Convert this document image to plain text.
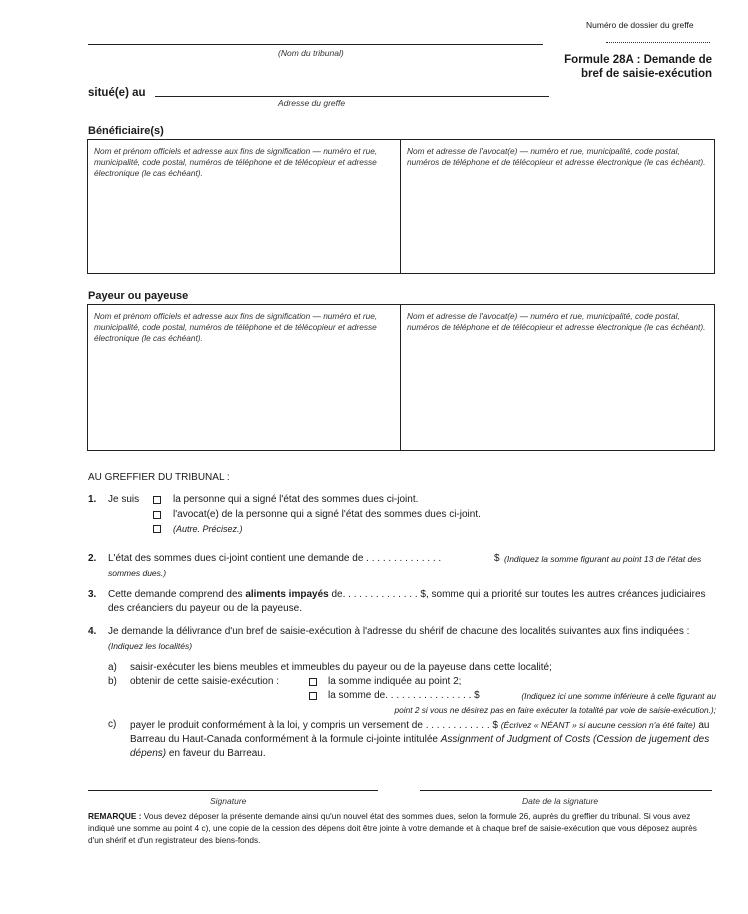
Numéro de dossier du greffe
(Nom du tribunal)
Formule 28A : Demande de
bref de saisie-exécution
situé(e) au
Adresse du greffe
Bénéficiaire(s)
Nom et prénom officiels et adresse aux fins de signification — numéro et rue, municipalité, code postal, numéros de téléphone et de télécopieur et adresse électronique (le cas échéant).
Nom et adresse de l'avocat(e) — numéro et rue, municipalité, code postal, numéros de téléphone et de télécopieur et adresse électronique (le cas échéant).
Payeur ou payeuse
Nom et prénom officiels et adresse aux fins de signification — numéro et rue, municipalité, code postal, numéros de téléphone et de télécopieur et adresse électronique (le cas échéant).
Nom et adresse de l'avocat(e) — numéro et rue, municipalité, code postal, numéros de téléphone et de télécopieur et adresse électronique (le cas échéant).
AU GREFFIER DU TRIBUNAL :
1. Je suis	la personne qui a signé l'état des sommes dues ci-joint.
l'avocat(e) de la personne qui a signé l'état des sommes dues ci-joint.
(Autre. Précisez.)
2. L'état des sommes dues ci-joint contient une demande de . . . . . . . . . . . . . .	$ (Indiquez la somme figurant au point 13 de l'état des sommes dues.)
3. Cette demande comprend des aliments impayés de. . . . . . . . . . . . . . $, somme qui a priorité sur toutes les autres créances judiciaires des créanciers du payeur ou de la payeuse.
4. Je demande la délivrance d'un bref de saisie-exécution à l'adresse du shérif de chacune des localités suivantes aux fins indiquées : (Indiquez les localités)
a) saisir-exécuter les biens meubles et immeubles du payeur ou de la payeuse dans cette localité;
b) obtenir de cette saisie-exécution :	la somme indiquée au point 2;
la somme de. . . . . . . . . . . . . . . . $	(Indiquez ici une somme inférieure à celle figurant au point 2 si vous ne désirez pas en faire exécuter la totalité par voie de saisie-exécution.);
c) payer le produit conformément à la loi, y compris un versement de . . . . . . . . . . . . $ (Écrivez « NÉANT » si aucune cession n'a été faite) au Barreau du Haut-Canada conformément à la formule ci-jointe intitulée Assignment of Judgment of Costs (Cession de jugement des dépens) en faveur du Barreau.
Signature	Date de la signature
REMARQUE : Vous devez déposer la présente demande ainsi qu'un nouvel état des sommes dues, selon la formule 26, auprès du greffier du tribunal. Si vous avez indiqué une somme au point 4 c), une copie de la cession des dépens doit être jointe à votre demande et à chaque bref de saisie-exécution que vous déposez auprès d'un shérif et d'un registrateur des biens-fonds.
